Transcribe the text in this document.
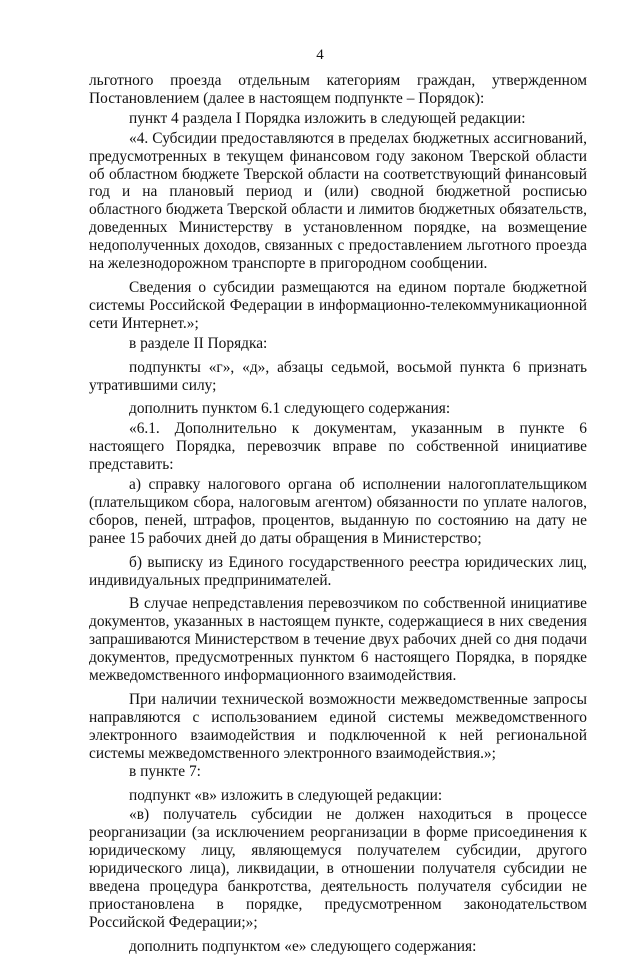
4

льготного проезда отдельным категориям граждан, утвержденном Постановлением (далее в настоящем подпункте – Порядок):

пункт 4 раздела I Порядка изложить в следующей редакции:

«4. Субсидии предоставляются в пределах бюджетных ассигнований, предусмотренных в текущем финансовом году законом Тверской области об областном бюджете Тверской области на соответствующий финансовый год и на плановый период и (или) сводной бюджетной росписью областного бюджета Тверской области и лимитов бюджетных обязательств, доведенных Министерству в установленном порядке, на возмещение недополученных доходов, связанных с предоставлением льготного проезда на железнодорожном транспорте в пригородном сообщении.

Сведения о субсидии размещаются на едином портале бюджетной системы Российской Федерации в информационно-телекоммуникационной сети Интернет.»;

в разделе II Порядка:

подпункты «г», «д», абзацы седьмой, восьмой пункта 6 признать утратившими силу;

дополнить пунктом 6.1 следующего содержания:

«6.1. Дополнительно к документам, указанным в пункте 6 настоящего Порядка, перевозчик вправе по собственной инициативе представить:

а) справку налогового органа об исполнении налогоплательщиком (плательщиком сбора, налоговым агентом) обязанности по уплате налогов, сборов, пеней, штрафов, процентов, выданную по состоянию на дату не ранее 15 рабочих дней до даты обращения в Министерство;

б) выписку из Единого государственного реестра юридических лиц, индивидуальных предпринимателей.

В случае непредставления перевозчиком по собственной инициативе документов, указанных в настоящем пункте, содержащиеся в них сведения запрашиваются Министерством в течение двух рабочих дней со дня подачи документов, предусмотренных пунктом 6 настоящего Порядка, в порядке межведомственного информационного взаимодействия.

При наличии технической возможности межведомственные запросы направляются с использованием единой системы межведомственного электронного взаимодействия и подключенной к ней региональной системы межведомственного электронного взаимодействия.»;

в пункте 7:

подпункт «в» изложить в следующей редакции:

«в) получатель субсидии не должен находиться в процессе реорганизации (за исключением реорганизации в форме присоединения к юридическому лицу, являющемуся получателем субсидии, другого юридического лица), ликвидации, в отношении получателя субсидии не введена процедура банкротства, деятельность получателя субсидии не приостановлена в порядке, предусмотренном законодательством Российской Федерации;»;

дополнить подпунктом «е» следующего содержания:
